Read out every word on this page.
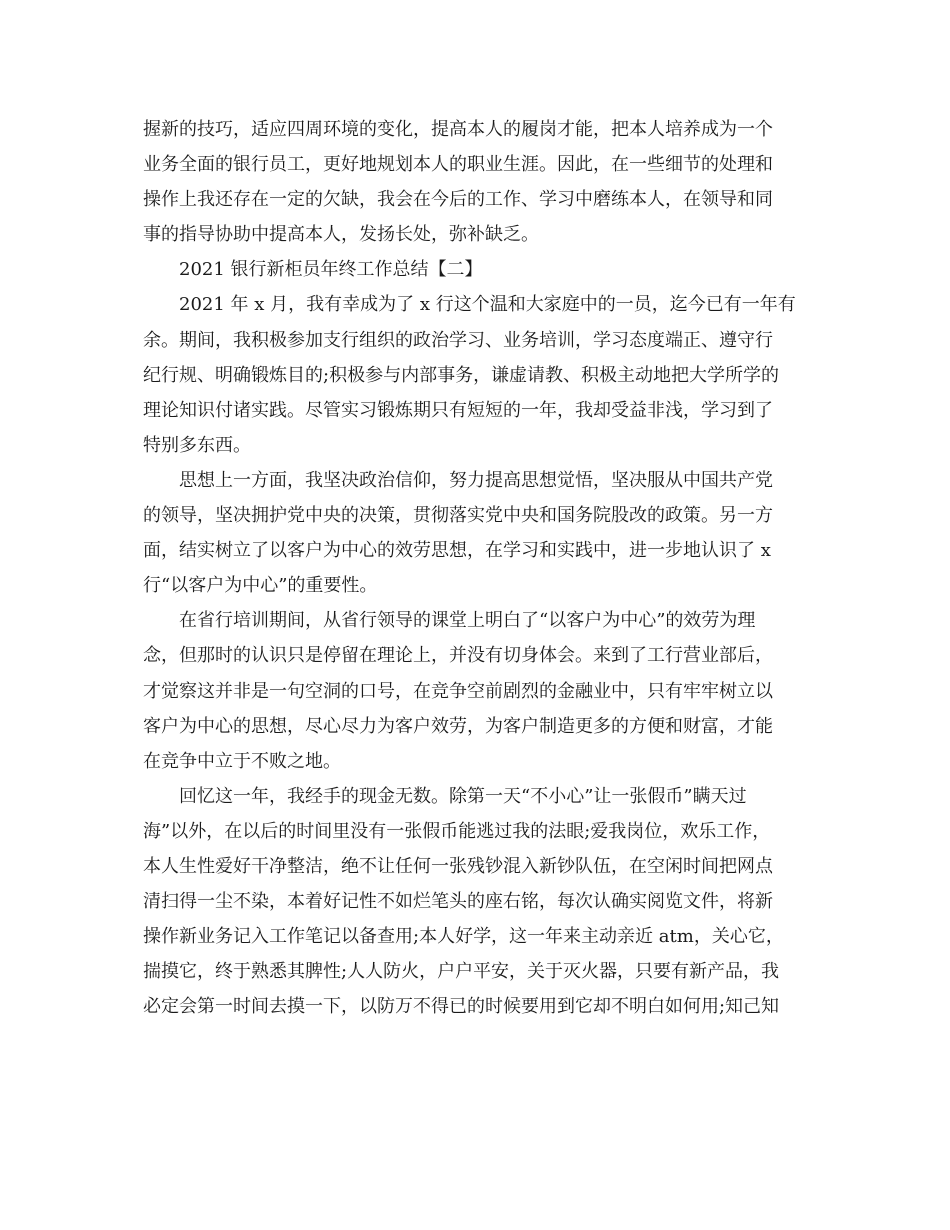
握新的技巧，适应四周环境的变化，提高本人的履岗才能，把本人培养成为一个
业务全面的银行员工，更好地规划本人的职业生涯。因此，在一些细节的处理和
操作上我还存在一定的欠缺，我会在今后的工作、学习中磨练本人，在领导和同
事的指导协助中提高本人，发扬长处，弥补缺乏。
2021 银行新柜员年终工作总结【二】
2021 年 x 月，我有幸成为了 x 行这个温和大家庭中的一员，迄今已有一年有
余。期间，我积极参加支行组织的政治学习、业务培训，学习态度端正、遵守行
纪行规、明确锻炼目的;积极参与内部事务，谦虚请教、积极主动地把大学所学的
理论知识付诸实践。尽管实习锻炼期只有短短的一年，我却受益非浅，学习到了
特别多东西。
思想上一方面，我坚决政治信仰，努力提高思想觉悟，坚决服从中国共产党
的领导，坚决拥护党中央的决策，贯彻落实党中央和国务院股改的政策。另一方
面，结实树立了以客户为中心的效劳思想，在学习和实践中，进一步地认识了 x
行“以客户为中心”的重要性。
在省行培训期间，从省行领导的课堂上明白了“以客户为中心”的效劳为理
念，但那时的认识只是停留在理论上，并没有切身体会。来到了工行营业部后，
才觉察这并非是一句空洞的口号，在竞争空前剧烈的金融业中，只有牢牢树立以
客户为中心的思想，尽心尽力为客户效劳，为客户制造更多的方便和财富，才能
在竞争中立于不败之地。
回忆这一年，我经手的现金无数。除第一天“不小心”让一张假币”瞒天过
海”以外，在以后的时间里没有一张假币能逃过我的法眼;爱我岗位，欢乐工作，
本人生性爱好干净整洁，绝不让任何一张残钞混入新钞队伍，在空闲时间把网点
清扫得一尘不染，本着好记性不如烂笔头的座右铭，每次认确实阅览文件，将新
操作新业务记入工作笔记以备查用;本人好学，这一年来主动亲近 atm，关心它，
揣摸它，终于熟悉其脾性;人人防火，户户平安，关于灭火器，只要有新产品，我
必定会第一时间去摸一下，以防万不得已的时候要用到它却不明白如何用;知己知
